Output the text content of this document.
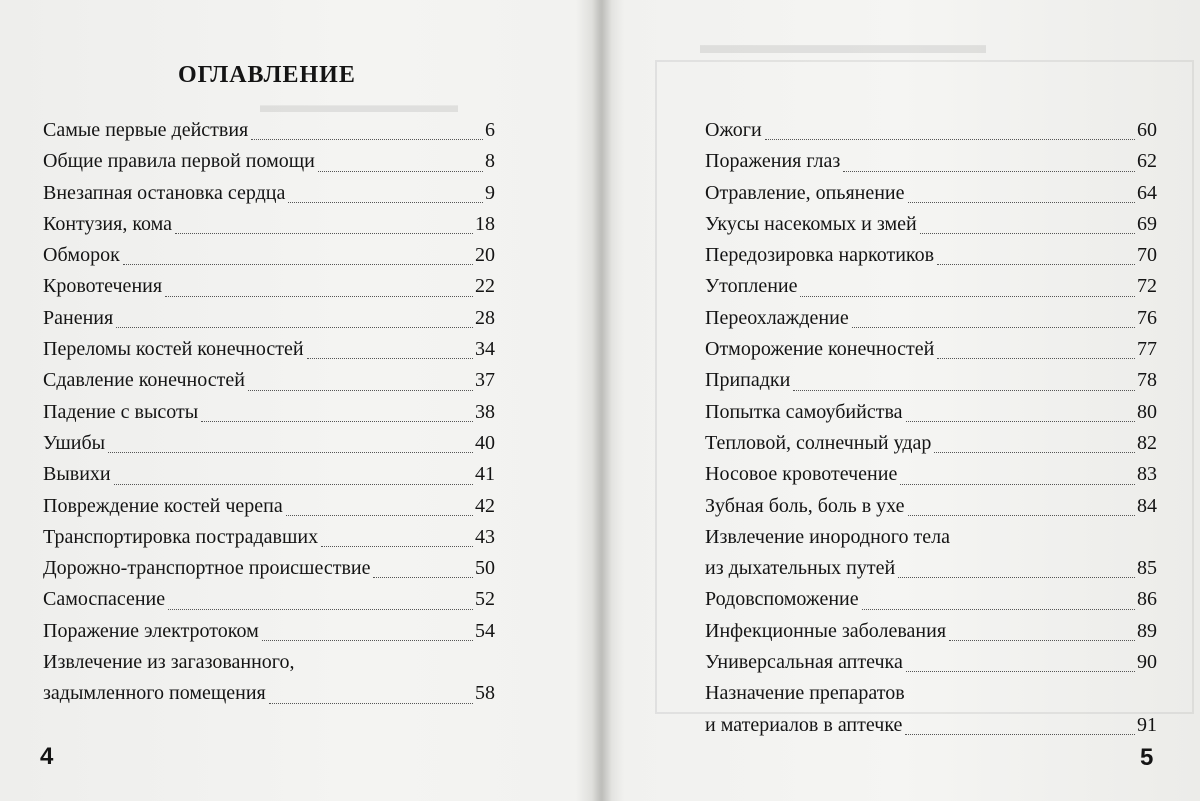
▬▬▬▬▬▬▬▬▬
▬▬▬▬▬▬▬▬▬▬▬
ОГЛАВЛЕНИЕ
Самые первые действия	6
Общие правила первой помощи	8
Внезапная остановка сердца	9
Контузия, кома	18
Обморок	20
Кровотечения	22
Ранения	28
Переломы костей конечностей	34
Сдавление конечностей	37
Падение с высоты	38
Ушибы	40
Вывихи	41
Повреждение костей черепа	42
Транспортировка пострадавших	43
Дорожно-транспортное происшествие	50
Самоспасение	52
Поражение электротоком	54
Извлечение из загазованного,
задымленного помещения	58
4
Ожоги	60
Поражения глаз	62
Отравление, опьянение	64
Укусы насекомых и змей	69
Передозировка наркотиков	70
Утопление	72
Переохлаждение	76
Отморожение конечностей	77
Припадки	78
Попытка самоубийства	80
Тепловой, солнечный удар	82
Носовое кровотечение	83
Зубная боль, боль в ухе	84
Извлечение инородного тела
из дыхательных путей	85
Родовспоможение	86
Инфекционные заболевания	89
Универсальная аптечка	90
Назначение препаратов
и материалов в аптечке	91
5
